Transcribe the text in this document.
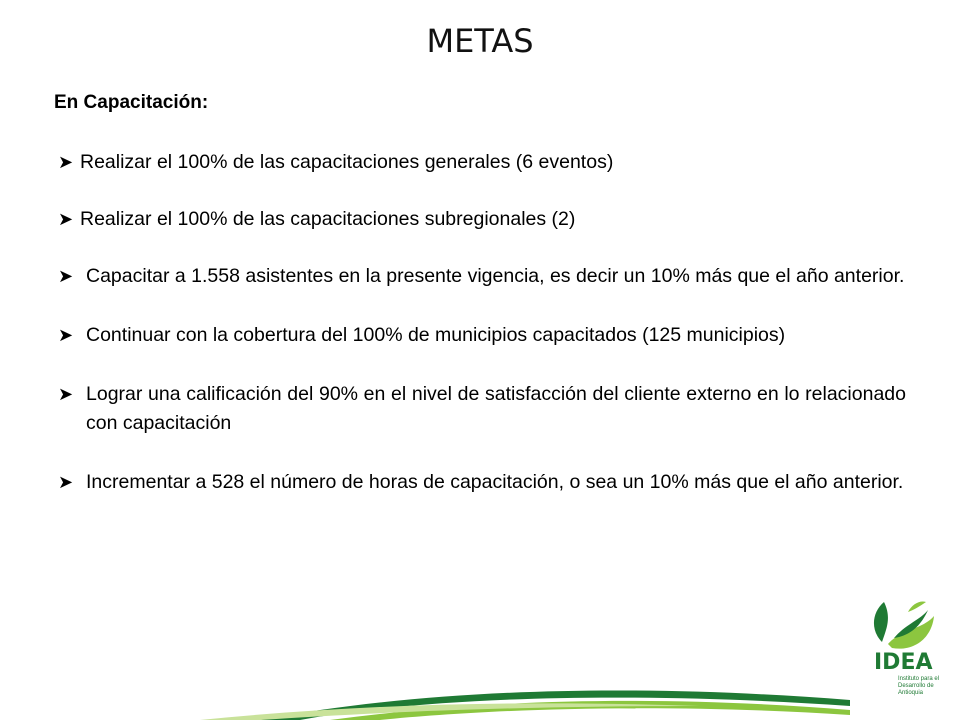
METAS
En Capacitación:
➤ Realizar el 100% de las capacitaciones generales (6 eventos)
➤ Realizar el 100% de las capacitaciones subregionales (2)
➤ Capacitar a 1.558 asistentes en la presente vigencia, es decir un 10% más que el año anterior.
➤ Continuar con la cobertura del 100% de municipios capacitados (125 municipios)
➤ Lograr una calificación del 90% en el nivel de satisfacción del cliente externo en lo relacionado con capacitación
➤ Incrementar a 528 el número de horas de capacitación, o sea un 10% más que el año anterior.
IDEA
Instituto para el Desarrollo de Antioquia
